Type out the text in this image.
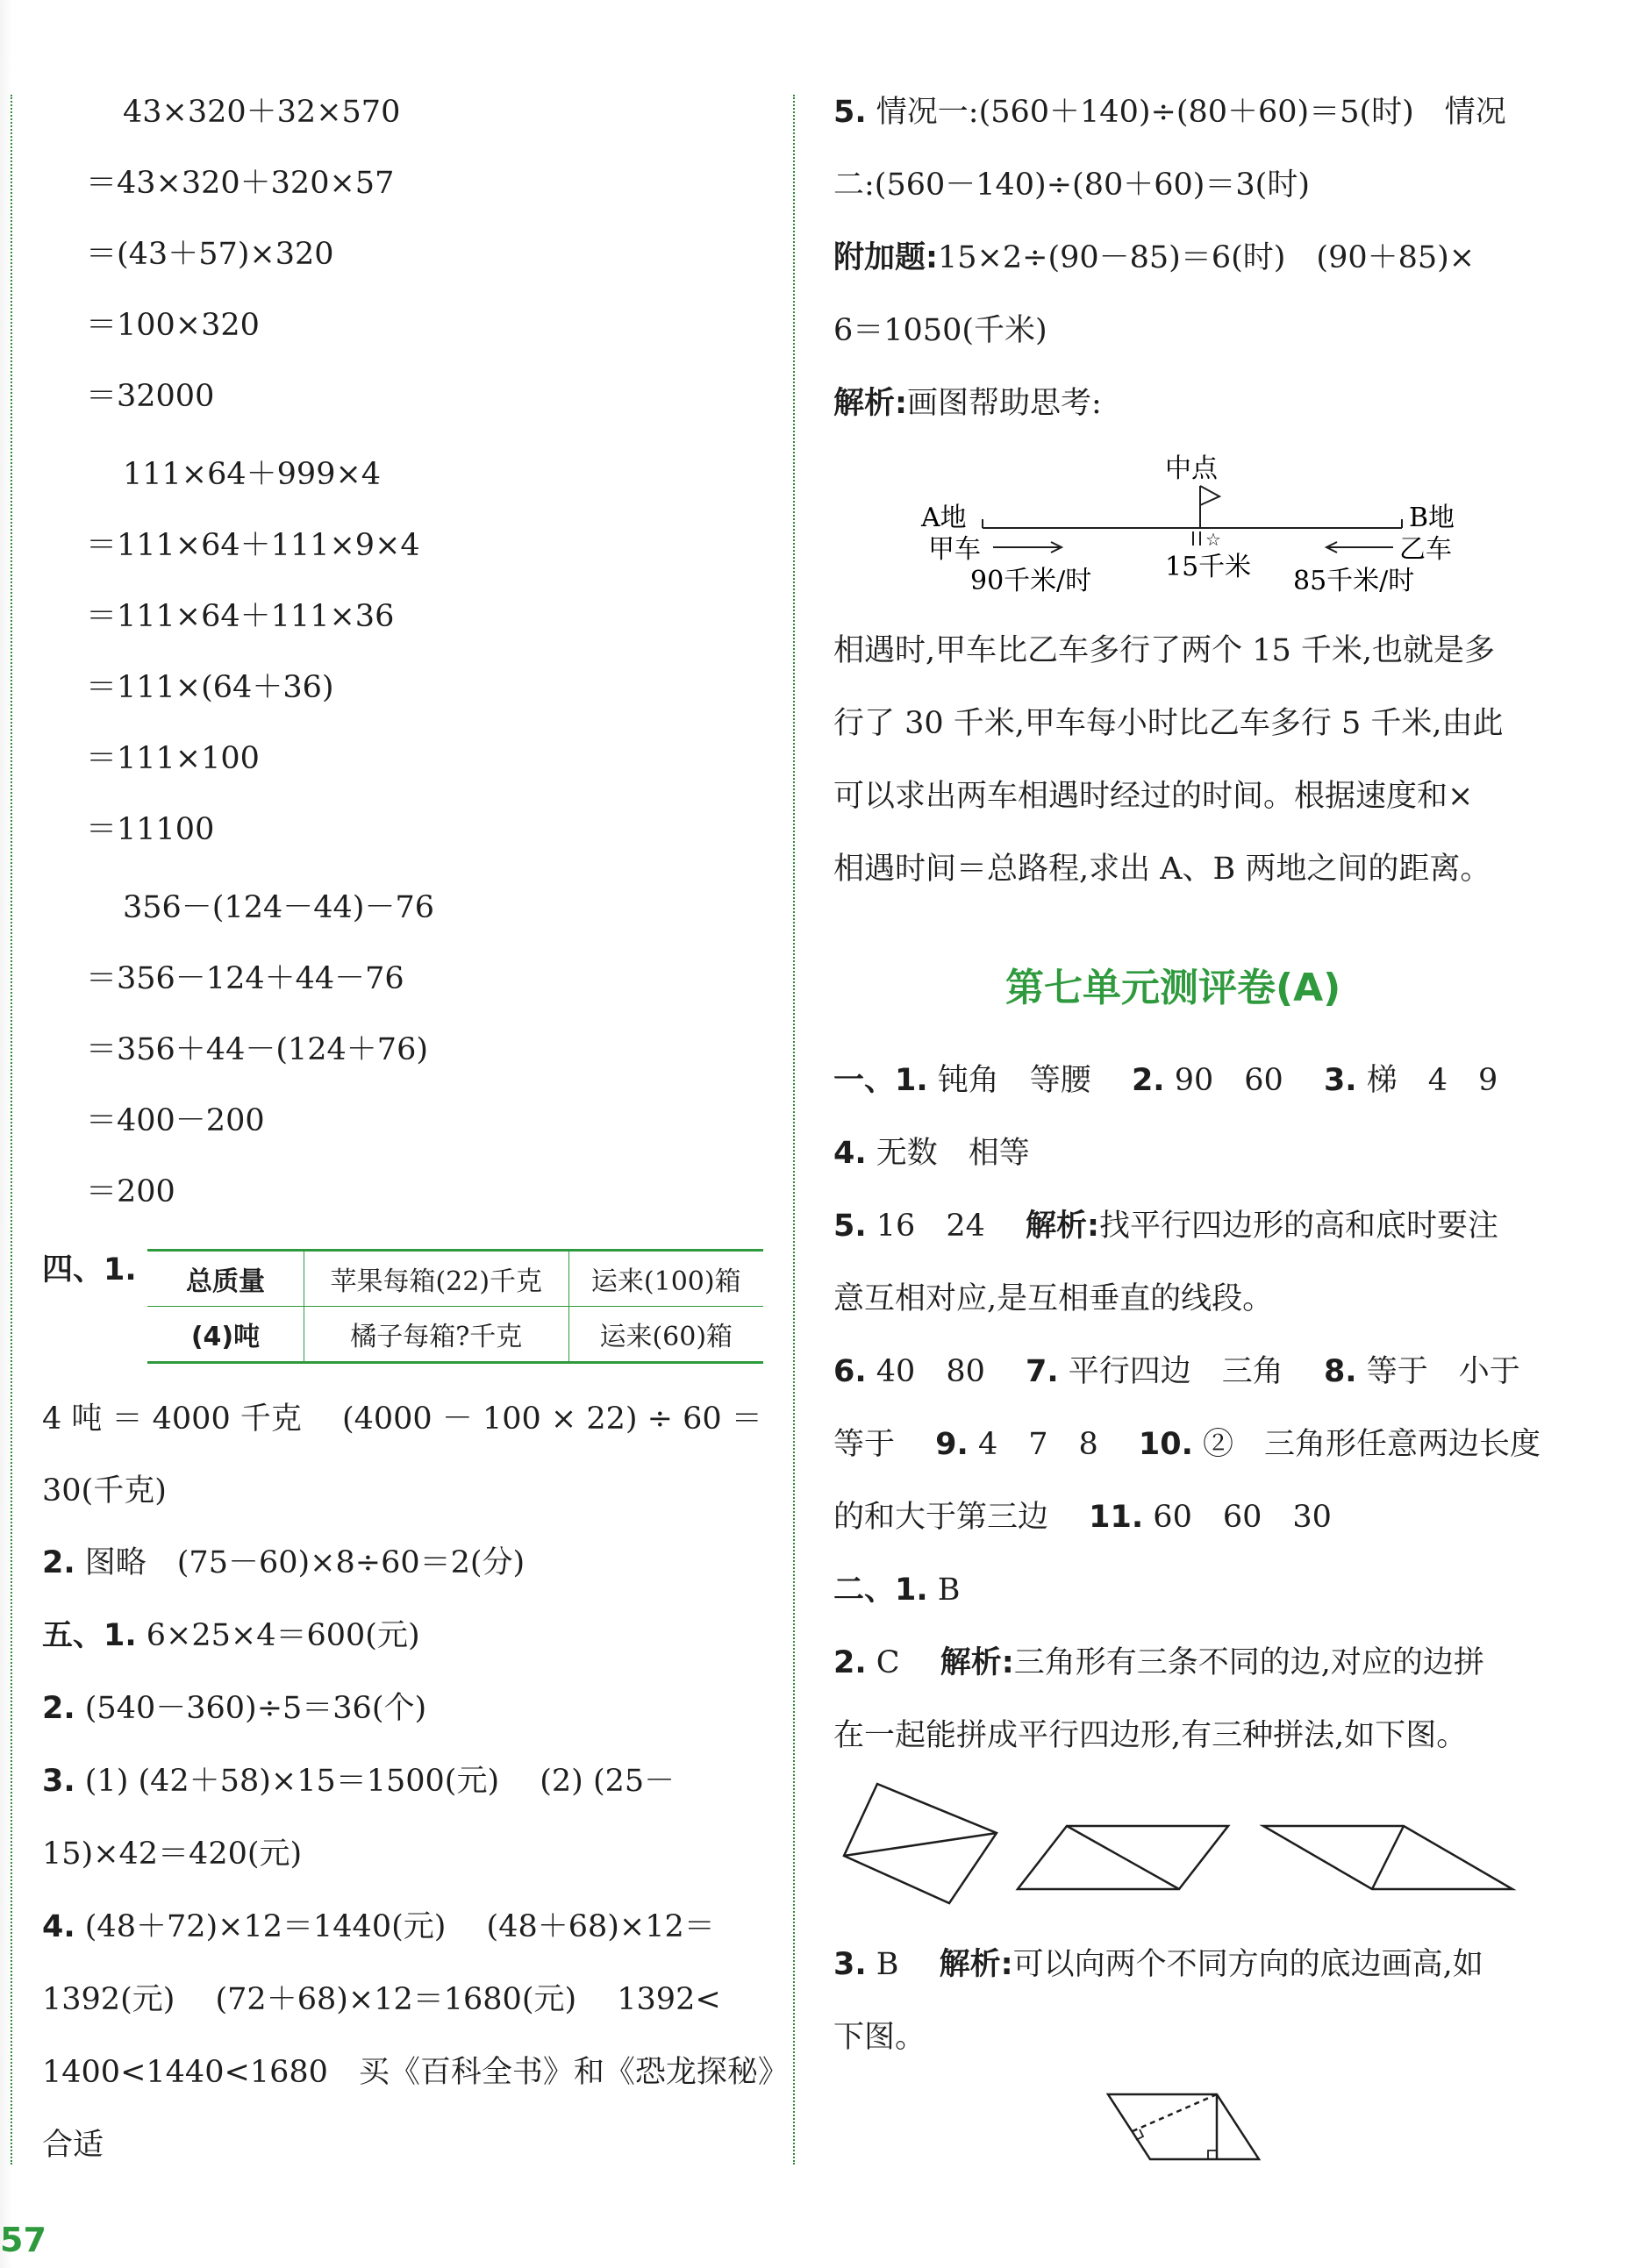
43×320＋32×570
＝43×320＋320×57
＝(43＋57)×320
＝100×320
＝32000
111×64＋999×4
＝111×64＋111×9×4
＝111×64＋111×36
＝111×(64＋36)
＝111×100
＝11100
356－(124－44)－76
＝356－124＋44－76
＝356＋44－(124＋76)
＝400－200
＝200
四、1. 总质量	苹果每箱(22)千克	运来(100)箱
(4)吨	橘子每箱?千克	运来(60)箱
4 吨 ＝ 4000 千克　 (4000 － 100 × 22) ÷ 60 ＝
30(千克)
2. 图略　(75－60)×8÷60＝2(分)
五、1. 6×25×4＝600(元)
2. (540－360)÷5＝36(个)
3. (1) (42＋58)×15＝1500(元)　 (2) (25－
15)×42＝420(元)
4. (48＋72)×12＝1440(元)　 (48＋68)×12＝
1392(元)　 (72＋68)×12＝1680(元)　 1392<
1400<1440<1680　买《百科全书》和《恐龙探秘》
合适
5. 情况一:(560＋140)÷(80＋60)＝5(时)　情况
二:(560－140)÷(80＋60)＝3(时)
附加题:15×2÷(90－85)＝6(时)　(90＋85)×
6＝1050(千米)
解析:画图帮助思考:
中点
A地	B地
甲车	乙车
90千米/时	85千米/时
☆
15千米
相遇时,甲车比乙车多行了两个 15 千米,也就是多
行了 30 千米,甲车每小时比乙车多行 5 千米,由此
可以求出两车相遇时经过的时间。根据速度和×
相遇时间＝总路程,求出 A、B 两地之间的距离。
第七单元测评卷(A)
一、1. 钝角　等腰　 2. 90　60　 3. 梯　4　9
4. 无数　相等
5. 16　24　 解析:找平行四边形的高和底时要注
意互相对应,是互相垂直的线段。
6. 40　80　 7. 平行四边　三角　 8. 等于　小于
等于　 9. 4　7　8　 10. ②　三角形任意两边长度
的和大于第三边　 11. 60　60　30
二、1. B
2. C　 解析:三角形有三条不同的边,对应的边拼
在一起能拼成平行四边形,有三种拼法,如下图。
3. B　 解析:可以向两个不同方向的底边画高,如
下图。
57
